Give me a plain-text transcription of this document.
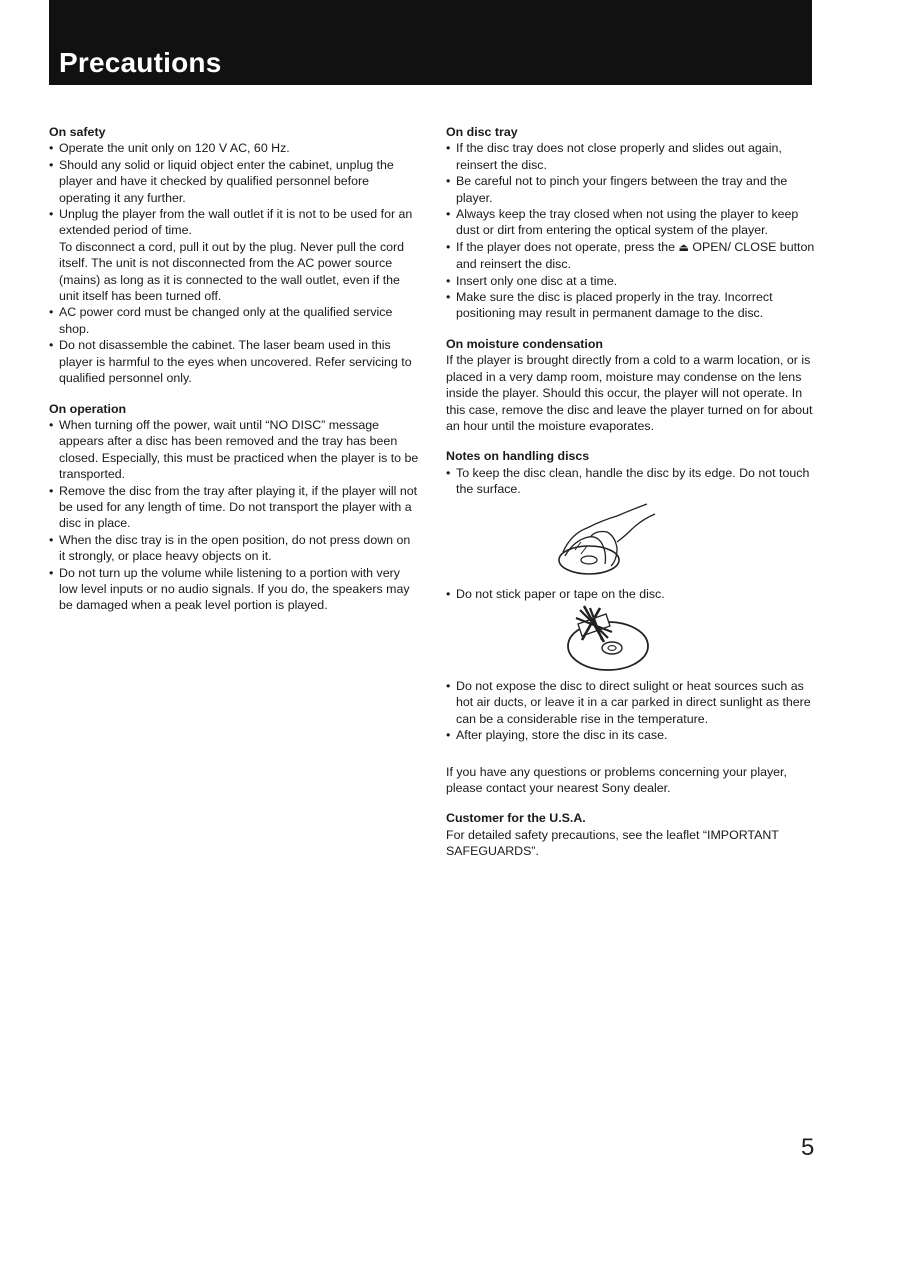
Precautions

On safety

• Operate the unit only on 120 V AC, 60 Hz.
• Should any solid or liquid object enter the cabinet, unplug the player and have it checked by qualified personnel before operating it any further.
• Unplug the player from the wall outlet if it is not to be used for an extended period of time.
To disconnect a cord, pull it out by the plug. Never pull the cord itself. The unit is not disconnected from the AC power source (mains) as long as it is connected to the wall outlet, even if the unit itself has been turned off.
• AC power cord must be changed only at the qualified service shop.
• Do not disassemble the cabinet. The laser beam used in this player is harmful to the eyes when uncovered. Refer servicing to qualified personnel only.

On operation

• When turning off the power, wait until “NO DISC” message appears after a disc has been removed and the tray has been closed. Especially, this must be practiced when the player is to be transported.
• Remove the disc from the tray after playing it, if the player will not be used for any length of time. Do not transport the player with a disc in place.
• When the disc tray is in the open position, do not press down on it strongly, or place heavy objects on it.
• Do not turn up the volume while listening to a portion with very low level inputs or no audio signals. If you do, the speakers may be damaged when a peak level portion is played.

On disc tray

• If the disc tray does not close properly and slides out again, reinsert the disc.
• Be careful not to pinch your fingers between the tray and the player.
• Always keep the tray closed when not using the player to keep dust or dirt from entering the optical system of the player.
• If the player does not operate, press the ⏏ OPEN/ CLOSE button and reinsert the disc.
• Insert only one disc at a time.
• Make sure the disc is placed properly in the tray. Incorrect positioning may result in permanent damage to the disc.

On moisture condensation

If the player is brought directly from a cold to a warm location, or is placed in a very damp room, moisture may condense on the lens inside the player. Should this occur, the player will not operate. In this case, remove the disc and leave the player turned on for about an hour until the moisture evaporates.

Notes on handling discs

• To keep the disc clean, handle the disc by its edge. Do not touch the surface.
• Do not stick paper or tape on the disc.
• Do not expose the disc to direct sulight or heat sources such as hot air ducts, or leave it in a car parked in direct sunlight as there can be a considerable rise in the temperature.
• After playing, store the disc in its case.

If you have any questions or problems concerning your player, please contact your nearest Sony dealer.

Customer for the U.S.A.

For detailed safety precautions, see the leaflet “IMPORTANT SAFEGUARDS”.

5
